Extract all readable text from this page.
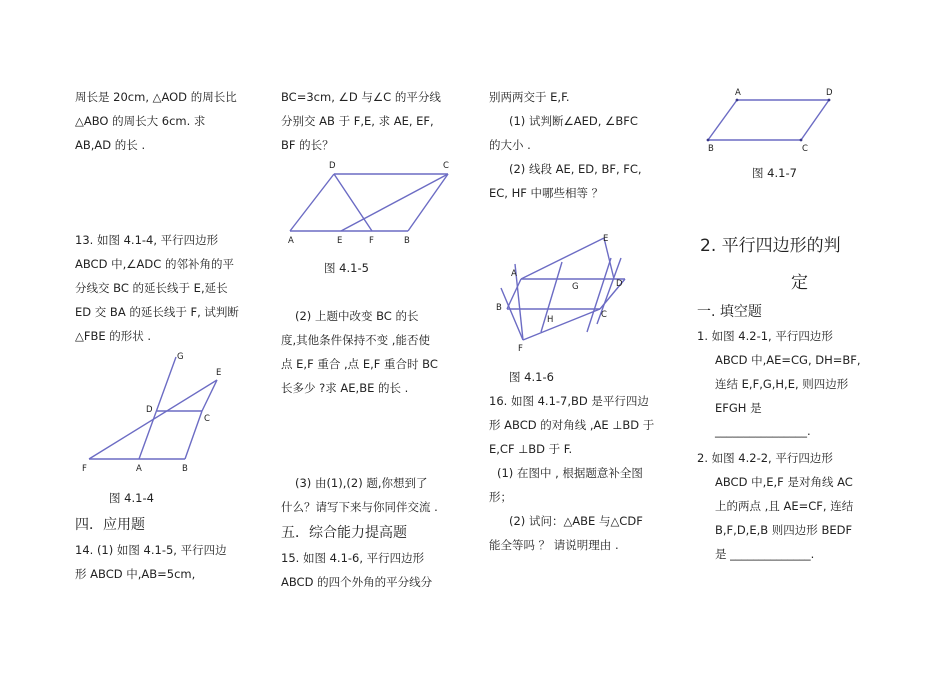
周长是 20cm, △AOD 的周长比
△ABO 的周长大 6cm. 求
AB,AD 的长 .
13. 如图 4.1-4, 平行四边形
ABCD 中,∠ADC 的邻补角的平
分线交 BC 的延长线于 E,延长
ED 交 BA 的延长线于 F, 试判断
△FBE 的形状 .
图 4.1-4
四．应用题
14. (1) 如图 4.1-5, 平行四边
形 ABCD 中,AB=5cm,
G
E
D
C
F	A	B
BC=3cm, ∠D 与∠C 的平分线
分别交 AB 于 F,E, 求 AE, EF,
BF 的长？
图 4.1-5
(2) 上题中改变 BC 的长
度,其他条件保持不变 ,能否使
点 E,F 重合 ,点 E,F 重合时 BC
长多少 ?求 AE,BE 的长 .
(3) 由(1),(2) 题,你想到了
什么？请写下来与你同伴交流 .
五．综合能力提高题
15. 如图 4.1-6, 平行四边形
ABCD 的四个外角的平分线分
D	C
A	E	F	B
别两两交于 E,F.
(1) 试判断∠AED, ∠BFC
的大小 .
(2) 线段 AE, ED, BF, FC,
EC, HF 中哪些相等 ？
图 4.1-6
16. 如图 4.1-7,BD 是平行四边
形 ABCD 的对角线 ,AE ⊥BD 于
E,CF ⊥BD 于 F.
(1) 在图中 , 根据题意补全图
形；
(2) 试问：△ABE 与△CDF
能全等吗 ？ 请说明理由 .
E
A
G	D
B
H	C
F
A	D
B	C
图 4.1-7
2. 平行四边形的判
定
一. 填空题
1. 如图 4.2-1, 平行四边形
ABCD 中,AE=CG, DH=BF,
连结 E,F,G,H,E, 则四边形
EFGH 是
________________.
2. 如图 4.2-2, 平行四边形
ABCD 中,E,F 是对角线 AC
上的两点 ,且 AE=CF, 连结
B,F,D,E,B 则四边形 BEDF
是 ______________.
